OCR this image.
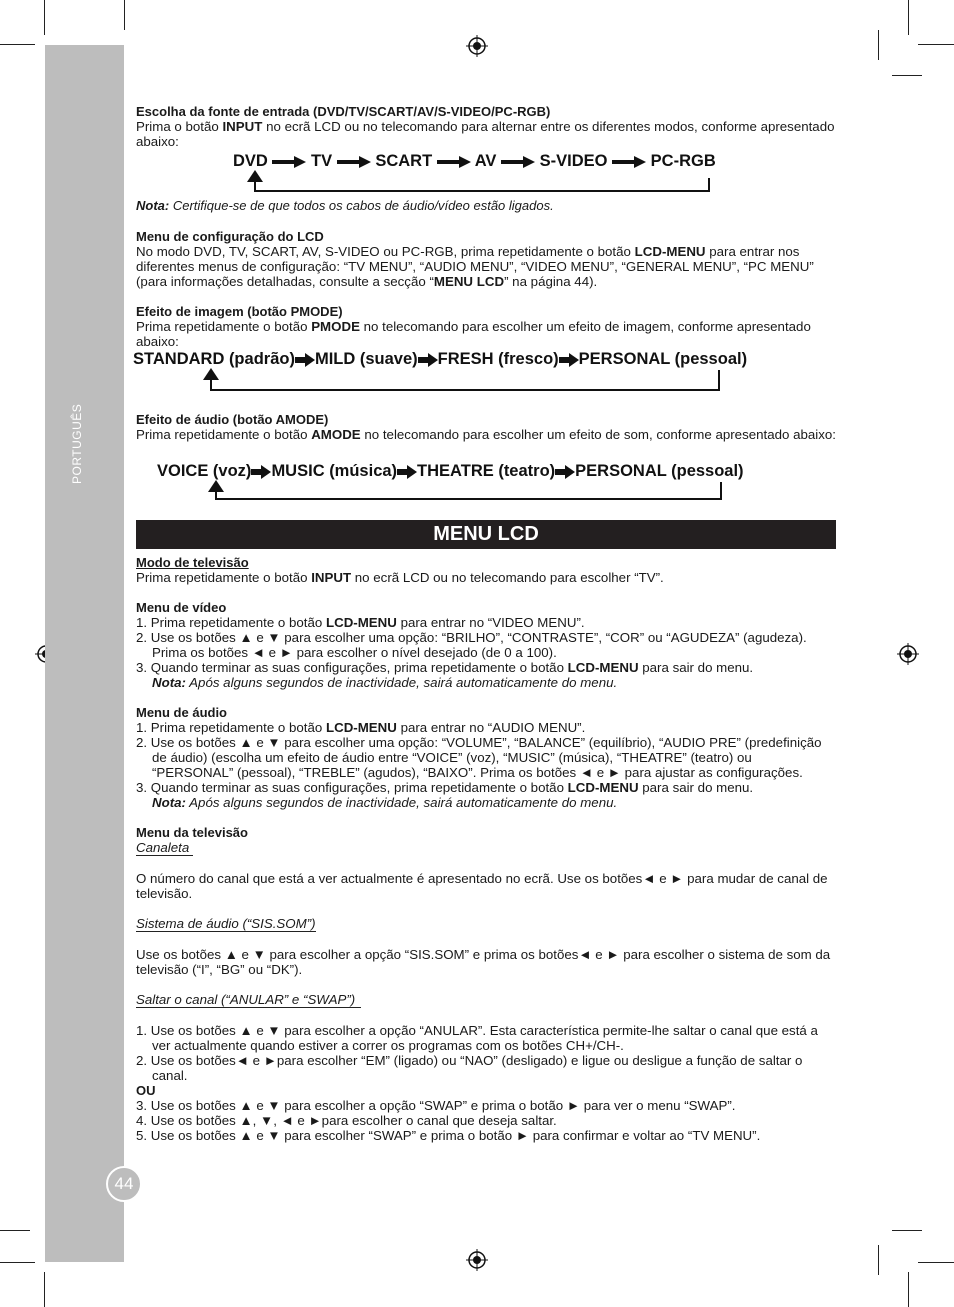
PORTUGUÊS
44

Escolha da fonte de entrada (DVD/TV/SCART/AV/S-VIDEO/PC-RGB)

Prima o botão INPUT no ecrã LCD ou no telecomando para alternar entre os diferentes modos, conforme apresentado abaixo:

DVD	TV	SCART	AV	S-VIDEO	PC-RGB

Nota: Certifique-se de que todos os cabos de áudio/vídeo estão ligados.

Menu de configuração do LCD

No modo DVD, TV, SCART, AV, S-VIDEO ou PC-RGB, prima repetidamente o botão LCD-MENU para entrar nos diferentes menus de configuração: “TV MENU”, “AUDIO MENU”, “VIDEO MENU”, “GENERAL MENU”, “PC MENU” (para informações detalhadas, consulte a secção “MENU LCD” na página 44).

Efeito de imagem (botão PMODE)

Prima repetidamente o botão PMODE no telecomando para escolher um efeito de imagem, conforme apresentado abaixo:

STANDARD (padrão) MILD (suave) FRESH (fresco) PERSONAL (pessoal)

Efeito de áudio (botão AMODE)

Prima repetidamente o botão AMODE no telecomando para escolher um efeito de som, conforme apresentado abaixo:

VOICE (voz) MUSIC (música) THEATRE (teatro) PERSONAL (pessoal)
MENU LCD

Modo de televisão

Prima repetidamente o botão INPUT no ecrã LCD ou no telecomando para escolher “TV”.

Menu de vídeo

1. Prima repetidamente o botão LCD-MENU para entrar no “VIDEO MENU”.

2. Use os botões ▲ e ▼ para escolher uma opção: “BRILHO”, “CONTRASTE”, “COR” ou “AGUDEZA” (agudeza). Prima os botões ◄ e ► para escolher o nível desejado (de 0 a 100).

3. Quando terminar as suas configurações, prima repetidamente o botão LCD-MENU para sair do menu.

Nota: Após alguns segundos de inactividade, sairá automaticamente do menu.

Menu de áudio

1. Prima repetidamente o botão LCD-MENU para entrar no “AUDIO MENU”.

2. Use os botões ▲ e ▼ para escolher uma opção: “VOLUME”, “BALANCE” (equilíbrio), “AUDIO PRE” (predefinição de áudio) (escolha um efeito de áudio entre “VOICE” (voz), “MUSIC” (música), “THEATRE” (teatro) ou “PERSONAL” (pessoal), “TREBLE” (agudos), “BAIXO”. Prima os botões ◄ e ► para ajustar as configurações.

3. Quando terminar as suas configurações, prima repetidamente o botão LCD-MENU para sair do menu.

Nota: Após alguns segundos de inactividade, sairá automaticamente do menu.

Menu da televisão

Canaleta

O número do canal que está a ver actualmente é apresentado no ecrã. Use os botões◄ e ► para mudar de canal de televisão.

Sistema de áudio (“SIS.SOM”)

Use os botões ▲ e ▼ para escolher a opção “SIS.SOM” e prima os botões◄ e ► para escolher o sistema de som da televisão (“I”, “BG” ou “DK”).

Saltar o canal (“ANULAR” e “SWAP”)

1. Use os botões ▲ e ▼ para escolher a opção “ANULAR”. Esta característica permite-lhe saltar o canal que está a ver actualmente quando estiver a correr os programas com os botões CH+/CH-.

2. Use os botões◄ e ►para escolher “EM” (ligado) ou “NAO” (desligado) e ligue ou desligue a função de saltar o canal.

OU

3. Use os botões ▲ e ▼ para escolher a opção “SWAP” e prima o botão ► para ver o menu “SWAP”.

4. Use os botões ▲, ▼, ◄ e ►para escolher o canal que deseja saltar.

5. Use os botões ▲ e ▼ para escolher “SWAP” e prima o botão ► para confirmar e voltar ao “TV MENU”.
